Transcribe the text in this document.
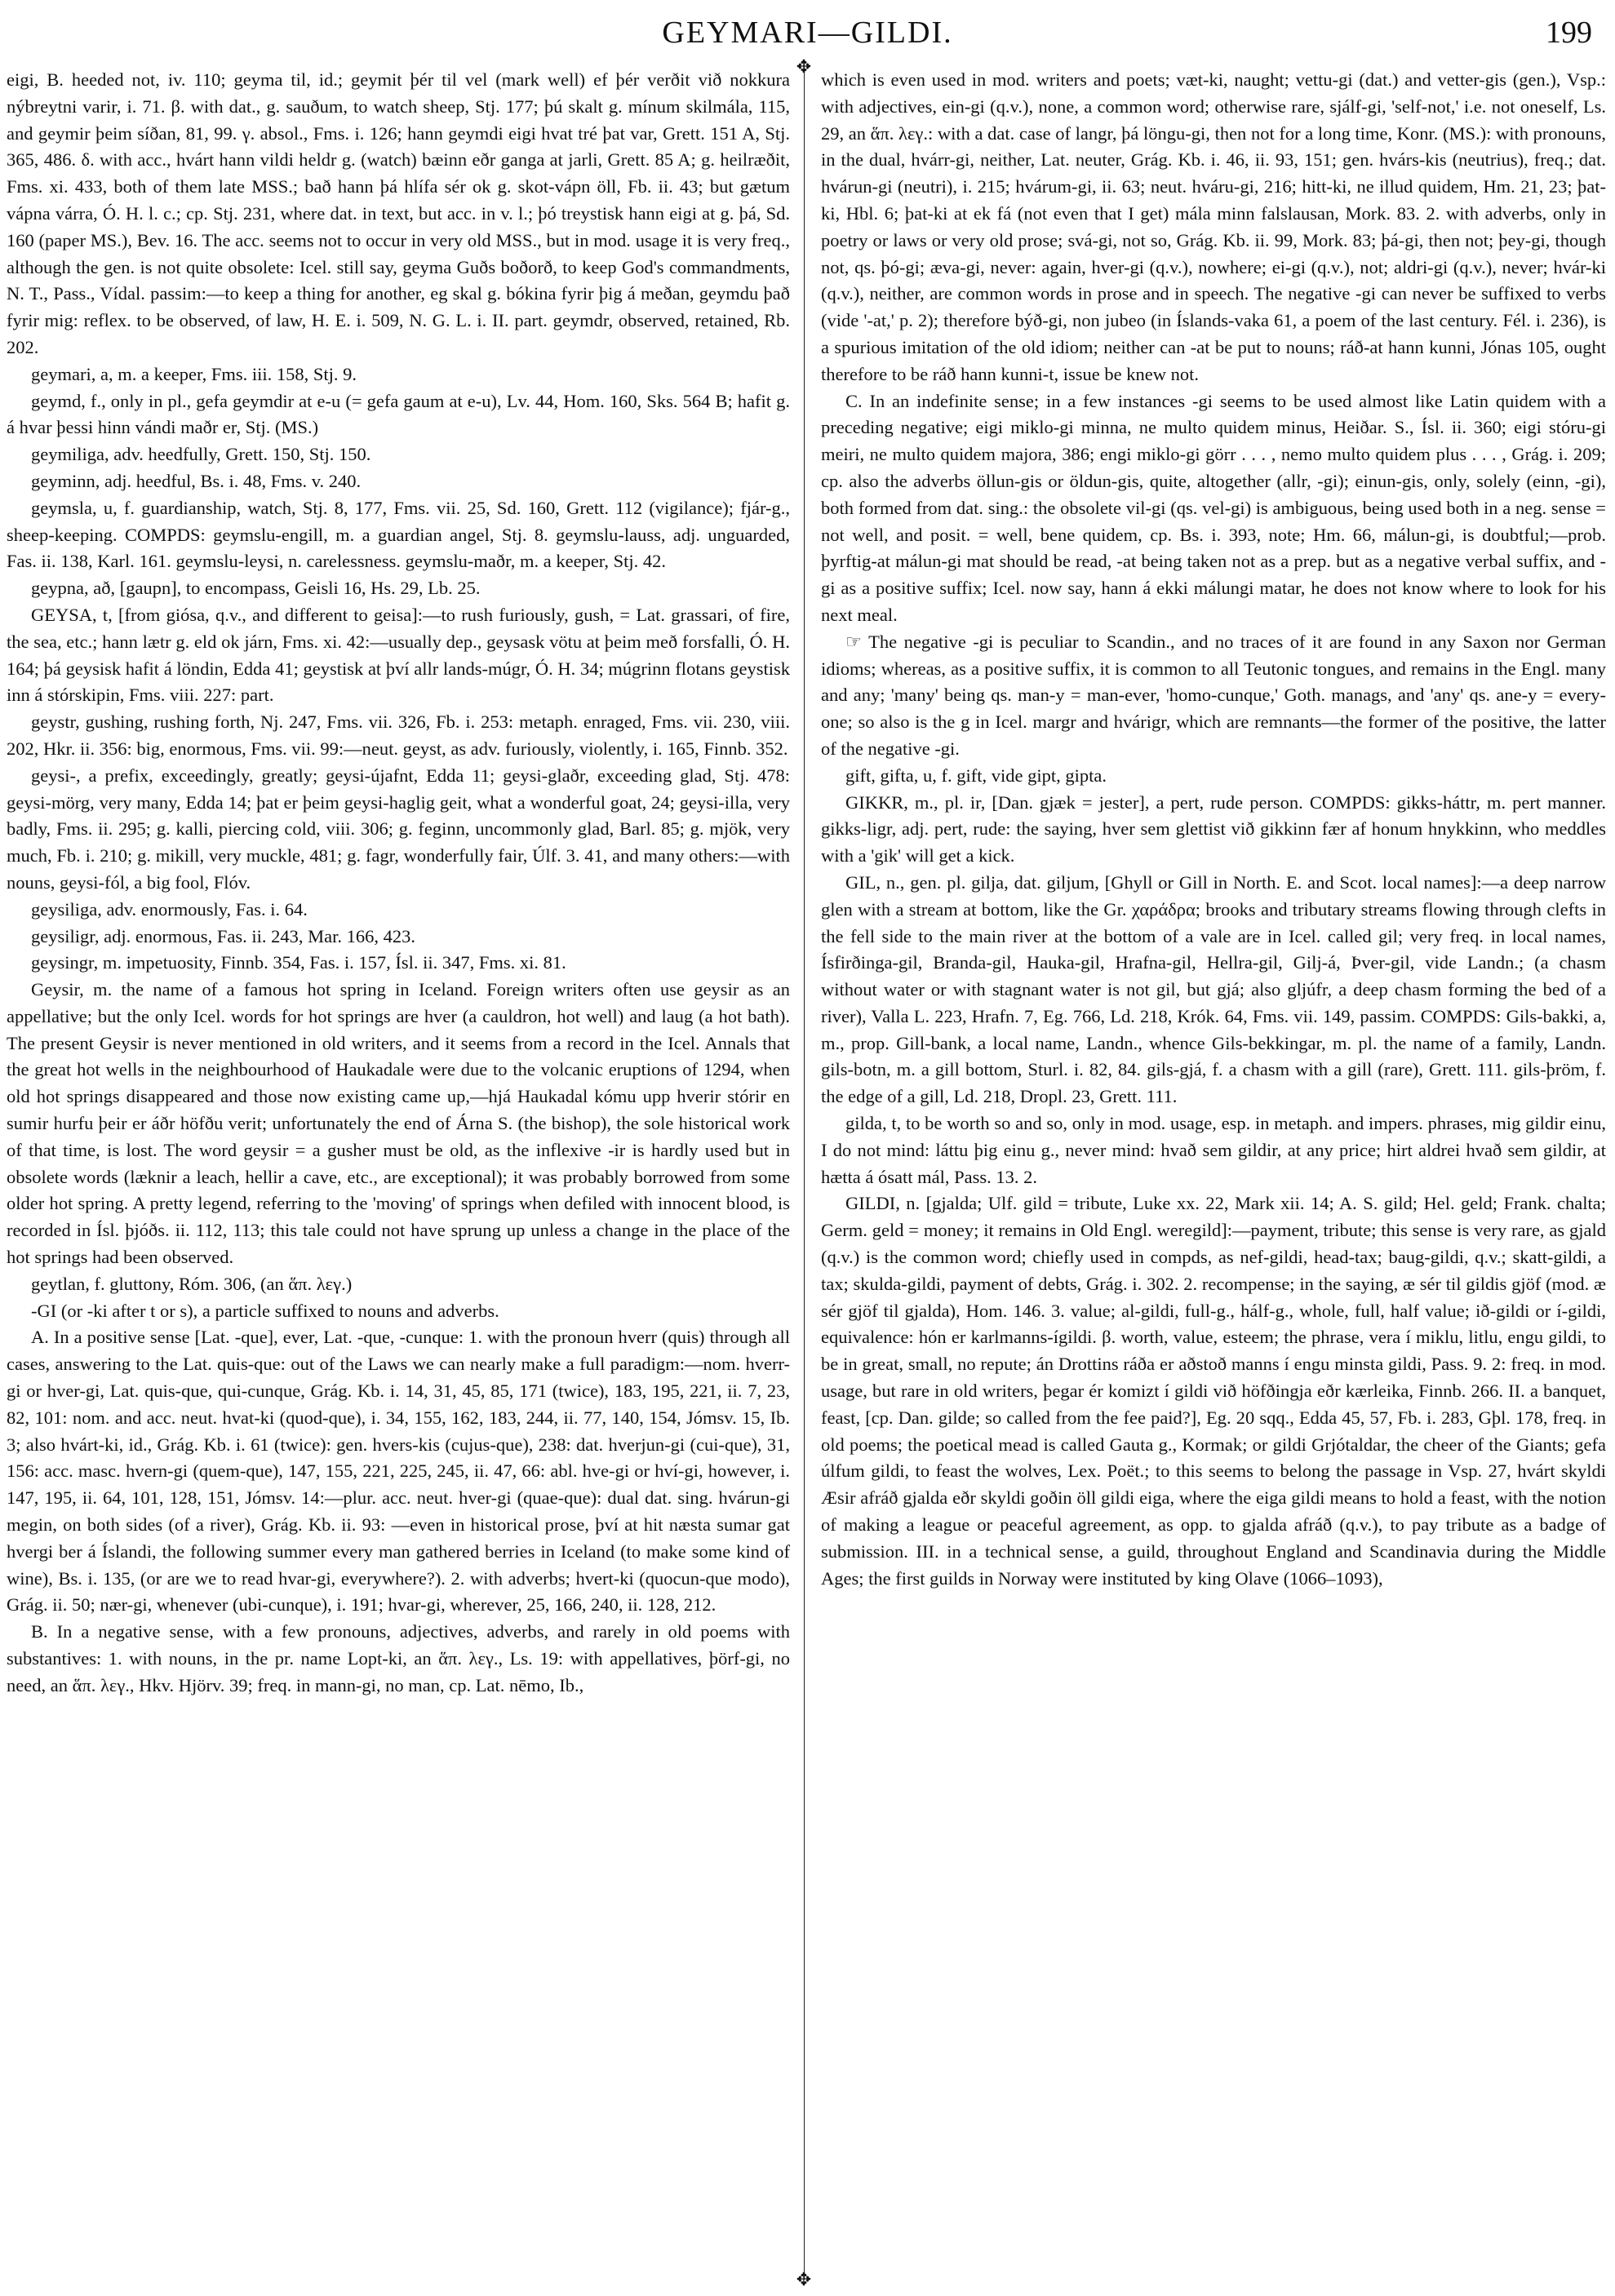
GEYMARI—GILDI.	199
✥
✥

eigi, B. heeded not, iv. 110; geyma til, id.; geymit þér til vel (mark well) ef þér verðit við nokkura nýbreytni varir, i. 71. β. with dat., g. sauðum, to watch sheep, Stj. 177; þú skalt g. mínum skilmála, 115, and geymir þeim síðan, 81, 99. γ. absol., Fms. i. 126; hann geymdi eigi hvat tré þat var, Grett. 151 A, Stj. 365, 486. δ. with acc., hvárt hann vildi heldr g. (watch) bæinn eðr ganga at jarli, Grett. 85 A; g. heilræðit, Fms. xi. 433, both of them late MSS.; bað hann þá hlífa sér ok g. skot-vápn öll, Fb. ii. 43; but gætum vápna várra, Ó. H. l. c.; cp. Stj. 231, where dat. in text, but acc. in v. l.; þó treystisk hann eigi at g. þá, Sd. 160 (paper MS.), Bev. 16. The acc. seems not to occur in very old MSS., but in mod. usage it is very freq., although the gen. is not quite obsolete: Icel. still say, geyma Guðs boðorð, to keep God's commandments, N. T., Pass., Vídal. passim:—to keep a thing for another, eg skal g. bókina fyrir þig á meðan, geymdu það fyrir mig: reflex. to be observed, of law, H. E. i. 509, N. G. L. i. II. part. geymdr, observed, retained, Rb. 202.

geymari, a, m. a keeper, Fms. iii. 158, Stj. 9.

geymd, f., only in pl., gefa geymdir at e-u (= gefa gaum at e-u), Lv. 44, Hom. 160, Sks. 564 B; hafit g. á hvar þessi hinn vándi maðr er, Stj. (MS.)

geymiliga, adv. heedfully, Grett. 150, Stj. 150.

geyminn, adj. heedful, Bs. i. 48, Fms. v. 240.

geymsla, u, f. guardianship, watch, Stj. 8, 177, Fms. vii. 25, Sd. 160, Grett. 112 (vigilance); fjár-g., sheep-keeping. COMPDS: geymslu-engill, m. a guardian angel, Stj. 8. geymslu-lauss, adj. unguarded, Fas. ii. 138, Karl. 161. geymslu-leysi, n. carelessness. geymslu-maðr, m. a keeper, Stj. 42.

geypna, að, [gaupn], to encompass, Geisli 16, Hs. 29, Lb. 25.

GEYSA, t, [from giósa, q.v., and different to geisa]:—to rush furiously, gush, = Lat. grassari, of fire, the sea, etc.; hann lætr g. eld ok járn, Fms. xi. 42:—usually dep., geysask vötu at þeim með forsfalli, Ó. H. 164; þá geysisk hafit á löndin, Edda 41; geystisk at því allr lands-múgr, Ó. H. 34; múgrinn flotans geystisk inn á stórskipin, Fms. viii. 227: part.

geystr, gushing, rushing forth, Nj. 247, Fms. vii. 326, Fb. i. 253: metaph. enraged, Fms. vii. 230, viii. 202, Hkr. ii. 356: big, enormous, Fms. vii. 99:—neut. geyst, as adv. furiously, violently, i. 165, Finnb. 352.

geysi-, a prefix, exceedingly, greatly; geysi-újafnt, Edda 11; geysi-glaðr, exceeding glad, Stj. 478: geysi-mörg, very many, Edda 14; þat er þeim geysi-haglig geit, what a wonderful goat, 24; geysi-illa, very badly, Fms. ii. 295; g. kalli, piercing cold, viii. 306; g. feginn, uncommonly glad, Barl. 85; g. mjök, very much, Fb. i. 210; g. mikill, very muckle, 481; g. fagr, wonderfully fair, Úlf. 3. 41, and many others:—with nouns, geysi-fól, a big fool, Flóv.

geysiliga, adv. enormously, Fas. i. 64.

geysiligr, adj. enormous, Fas. ii. 243, Mar. 166, 423.

geysingr, m. impetuosity, Finnb. 354, Fas. i. 157, Ísl. ii. 347, Fms. xi. 81.

Geysir, m. the name of a famous hot spring in Iceland. Foreign writers often use geysir as an appellative; but the only Icel. words for hot springs are hver (a cauldron, hot well) and laug (a hot bath). The present Geysir is never mentioned in old writers, and it seems from a record in the Icel. Annals that the great hot wells in the neighbourhood of Haukadale were due to the volcanic eruptions of 1294, when old hot springs disappeared and those now existing came up,—hjá Haukadal kómu upp hverir stórir en sumir hurfu þeir er áðr höfðu verit; unfortunately the end of Árna S. (the bishop), the sole historical work of that time, is lost. The word geysir = a gusher must be old, as the inflexive -ir is hardly used but in obsolete words (læknir a leach, hellir a cave, etc., are exceptional); it was probably borrowed from some older hot spring. A pretty legend, referring to the 'moving' of springs when defiled with innocent blood, is recorded in Ísl. þjóðs. ii. 112, 113; this tale could not have sprung up unless a change in the place of the hot springs had been observed.

geytlan, f. gluttony, Róm. 306, (an ἅπ. λεγ.)

-GI (or -ki after t or s), a particle suffixed to nouns and adverbs.

A. In a positive sense [Lat. -que], ever, Lat. -que, -cunque: 1. with the pronoun hverr (quis) through all cases, answering to the Lat. quis-que: out of the Laws we can nearly make a full paradigm:—nom. hverr-gi or hver-gi, Lat. quis-que, qui-cunque, Grág. Kb. i. 14, 31, 45, 85, 171 (twice), 183, 195, 221, ii. 7, 23, 82, 101: nom. and acc. neut. hvat-ki (quod-que), i. 34, 155, 162, 183, 244, ii. 77, 140, 154, Jómsv. 15, Ib. 3; also hvárt-ki, id., Grág. Kb. i. 61 (twice): gen. hvers-kis (cujus-que), 238: dat. hverjun-gi (cui-que), 31, 156: acc. masc. hvern-gi (quem-que), 147, 155, 221, 225, 245, ii. 47, 66: abl. hve-gi or hví-gi, however, i. 147, 195, ii. 64, 101, 128, 151, Jómsv. 14:—plur. acc. neut. hver-gi (quae-que): dual dat. sing. hvárun-gi megin, on both sides (of a river), Grág. Kb. ii. 93: —even in historical prose, því at hit næsta sumar gat hvergi ber á Íslandi, the following summer every man gathered berries in Iceland (to make some kind of wine), Bs. i. 135, (or are we to read hvar-gi, everywhere?). 2. with adverbs; hvert-ki (quocun-que modo), Grág. ii. 50; nær-gi, whenever (ubi-cunque), i. 191; hvar-gi, wherever, 25, 166, 240, ii. 128, 212.

B. In a negative sense, with a few pronouns, adjectives, adverbs, and rarely in old poems with substantives: 1. with nouns, in the pr. name Lopt-ki, an ἅπ. λεγ., Ls. 19: with appellatives, þörf-gi, no need, an ἅπ. λεγ., Hkv. Hjörv. 39; freq. in mann-gi, no man, cp. Lat. nēmo, Ib.,

which is even used in mod. writers and poets; væt-ki, naught; vettu-gi (dat.) and vetter-gis (gen.), Vsp.: with adjectives, ein-gi (q.v.), none, a common word; otherwise rare, sjálf-gi, 'self-not,' i.e. not oneself, Ls. 29, an ἅπ. λεγ.: with a dat. case of langr, þá löngu-gi, then not for a long time, Konr. (MS.): with pronouns, in the dual, hvárr-gi, neither, Lat. neuter, Grág. Kb. i. 46, ii. 93, 151; gen. hvárs-kis (neutrius), freq.; dat. hvárun-gi (neutri), i. 215; hvárum-gi, ii. 63; neut. hváru-gi, 216; hitt-ki, ne illud quidem, Hm. 21, 23; þat-ki, Hbl. 6; þat-ki at ek fá (not even that I get) mála minn falslausan, Mork. 83. 2. with adverbs, only in poetry or laws or very old prose; svá-gi, not so, Grág. Kb. ii. 99, Mork. 83; þá-gi, then not; þey-gi, though not, qs. þó-gi; æva-gi, never: again, hver-gi (q.v.), nowhere; ei-gi (q.v.), not; aldri-gi (q.v.), never; hvár-ki (q.v.), neither, are common words in prose and in speech. The negative -gi can never be suffixed to verbs (vide '-at,' p. 2); therefore býð-gi, non jubeo (in Íslands-vaka 61, a poem of the last century. Fél. i. 236), is a spurious imitation of the old idiom; neither can -at be put to nouns; ráð-at hann kunni, Jónas 105, ought therefore to be ráð hann kunni-t, issue be knew not.

C. In an indefinite sense; in a few instances -gi seems to be used almost like Latin quidem with a preceding negative; eigi miklo-gi minna, ne multo quidem minus, Heiðar. S., Ísl. ii. 360; eigi stóru-gi meiri, ne multo quidem majora, 386; engi miklo-gi görr . . . , nemo multo quidem plus . . . , Grág. i. 209; cp. also the adverbs öllun-gis or öldun-gis, quite, altogether (allr, -gi); einun-gis, only, solely (einn, -gi), both formed from dat. sing.: the obsolete vil-gi (qs. vel-gi) is ambiguous, being used both in a neg. sense = not well, and posit. = well, bene quidem, cp. Bs. i. 393, note; Hm. 66, málun-gi, is doubtful;—prob. þyrftig-at málun-gi mat should be read, -at being taken not as a prep. but as a negative verbal suffix, and -gi as a positive suffix; Icel. now say, hann á ekki málungi matar, he does not know where to look for his next meal.

☞ The negative -gi is peculiar to Scandin., and no traces of it are found in any Saxon nor German idioms; whereas, as a positive suffix, it is common to all Teutonic tongues, and remains in the Engl. many and any; 'many' being qs. man-y = man-ever, 'homo-cunque,' Goth. manags, and 'any' qs. ane-y = every-one; so also is the g in Icel. margr and hvárigr, which are remnants—the former of the positive, the latter of the negative -gi.

gift, gifta, u, f. gift, vide gipt, gipta.

GIKKR, m., pl. ir, [Dan. gjæk = jester], a pert, rude person. COMPDS: gikks-háttr, m. pert manner. gikks-ligr, adj. pert, rude: the saying, hver sem glettist við gikkinn fær af honum hnykkinn, who meddles with a 'gik' will get a kick.

GIL, n., gen. pl. gilja, dat. giljum, [Ghyll or Gill in North. E. and Scot. local names]:—a deep narrow glen with a stream at bottom, like the Gr. χαράδρα; brooks and tributary streams flowing through clefts in the fell side to the main river at the bottom of a vale are in Icel. called gil; very freq. in local names, Ísfirðinga-gil, Branda-gil, Hauka-gil, Hrafna-gil, Hellra-gil, Gilj-á, Þver-gil, vide Landn.; (a chasm without water or with stagnant water is not gil, but gjá; also gljúfr, a deep chasm forming the bed of a river), Valla L. 223, Hrafn. 7, Eg. 766, Ld. 218, Krók. 64, Fms. vii. 149, passim. COMPDS: Gils-bakki, a, m., prop. Gill-bank, a local name, Landn., whence Gils-bekkingar, m. pl. the name of a family, Landn. gils-botn, m. a gill bottom, Sturl. i. 82, 84. gils-gjá, f. a chasm with a gill (rare), Grett. 111. gils-þröm, f. the edge of a gill, Ld. 218, Dropl. 23, Grett. 111.

gilda, t, to be worth so and so, only in mod. usage, esp. in metaph. and impers. phrases, mig gildir einu, I do not mind: láttu þig einu g., never mind: hvað sem gildir, at any price; hirt aldrei hvað sem gildir, at hætta á ósatt mál, Pass. 13. 2.

GILDI, n. [gjalda; Ulf. gild = tribute, Luke xx. 22, Mark xii. 14; A. S. gild; Hel. geld; Frank. chalta; Germ. geld = money; it remains in Old Engl. weregild]:—payment, tribute; this sense is very rare, as gjald (q.v.) is the common word; chiefly used in compds, as nef-gildi, head-tax; baug-gildi, q.v.; skatt-gildi, a tax; skulda-gildi, payment of debts, Grág. i. 302. 2. recompense; in the saying, æ sér til gildis gjöf (mod. æ sér gjöf til gjalda), Hom. 146. 3. value; al-gildi, full-g., hálf-g., whole, full, half value; ið-gildi or í-gildi, equivalence: hón er karlmanns-ígildi. β. worth, value, esteem; the phrase, vera í miklu, litlu, engu gildi, to be in great, small, no repute; án Drottins ráða er aðstoð manns í engu minsta gildi, Pass. 9. 2: freq. in mod. usage, but rare in old writers, þegar ér komizt í gildi við höfðingja eðr kærleika, Finnb. 266. II. a banquet, feast, [cp. Dan. gilde; so called from the fee paid?], Eg. 20 sqq., Edda 45, 57, Fb. i. 283, Gþl. 178, freq. in old poems; the poetical mead is called Gauta g., Kormak; or gildi Grjótaldar, the cheer of the Giants; gefa úlfum gildi, to feast the wolves, Lex. Poët.; to this seems to belong the passage in Vsp. 27, hvárt skyldi Æsir afráð gjalda eðr skyldi goðin öll gildi eiga, where the eiga gildi means to hold a feast, with the notion of making a league or peaceful agreement, as opp. to gjalda afráð (q.v.), to pay tribute as a badge of submission. III. in a technical sense, a guild, throughout England and Scandinavia during the Middle Ages; the first guilds in Norway were instituted by king Olave (1066–1093),
